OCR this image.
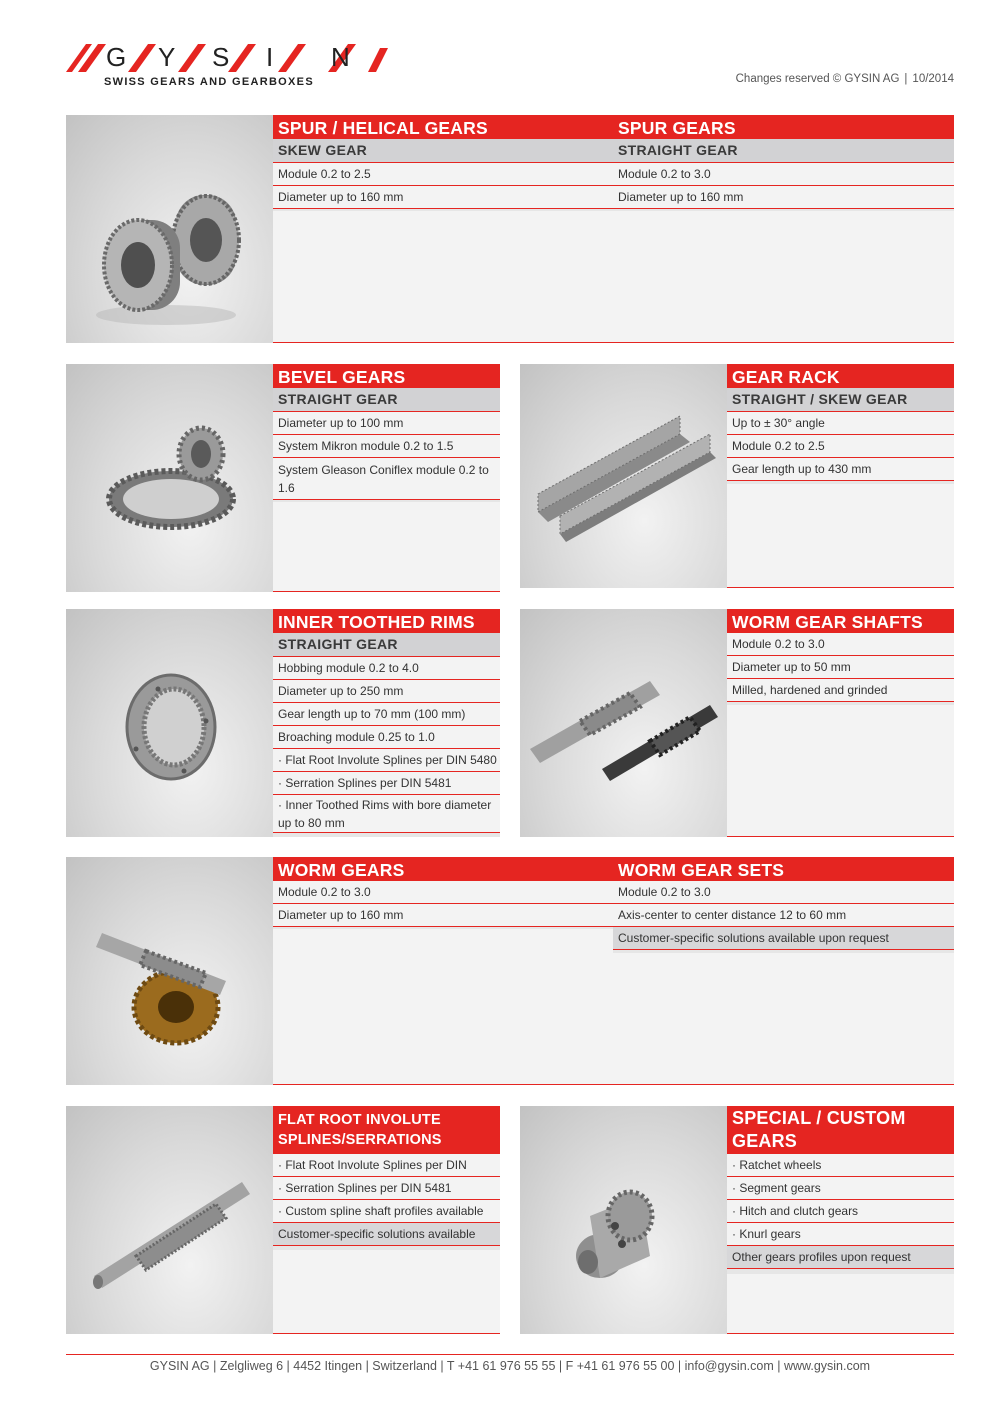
G Y S I N
SWISS GEARS AND GEARBOXES	Changes reserved © GYSIN AG | 10/2014
SPUR / HELICAL GEARS
SKEW GEAR
Module 0.2 to 2.5
Diameter up to 160 mm
SPUR GEARS
STRAIGHT GEAR
Module 0.2 to 3.0
Diameter up to 160 mm
BEVEL GEARS
STRAIGHT GEAR
Diameter up to 100 mm
System Mikron module 0.2 to 1.5
System Gleason Coniflex module 0.2 to 1.6
GEAR RACK
STRAIGHT / SKEW GEAR
Up to ± 30° angle
Module 0.2 to 2.5
Gear length up to 430 mm
INNER TOOTHED RIMS
STRAIGHT GEAR
Hobbing module 0.2 to 4.0
Diameter up to 250 mm
Gear length up to 70 mm (100 mm)
Broaching module 0.25 to 1.0
· Flat Root Involute Splines per DIN 5480
· Serration Splines per DIN 5481
· Inner Toothed Rims with bore diameter up to 80 mm
WORM GEAR SHAFTS
Module 0.2 to 3.0
Diameter up to 50 mm
Milled, hardened and grinded
WORM GEARS
Module 0.2 to 3.0
Diameter up to 160 mm
WORM GEAR SETS
Module 0.2 to 3.0
Axis-center to center distance 12 to 60 mm
Customer-specific solutions available upon request
FLAT ROOT INVOLUTE
SPLINES/SERRATIONS
· Flat Root Involute Splines per DIN
· Serration Splines per DIN 5481
· Custom spline shaft profiles available
Customer-specific solutions available
SPECIAL / CUSTOM
GEARS
· Ratchet wheels
· Segment gears
· Hitch and clutch gears
· Knurl gears
Other gears profiles upon request
GYSIN AG | Zelgliweg 6 | 4452 Itingen | Switzerland | T +41 61 976 55 55 | F +41 61 976 55 00 | info@gysin.com | www.gysin.com
